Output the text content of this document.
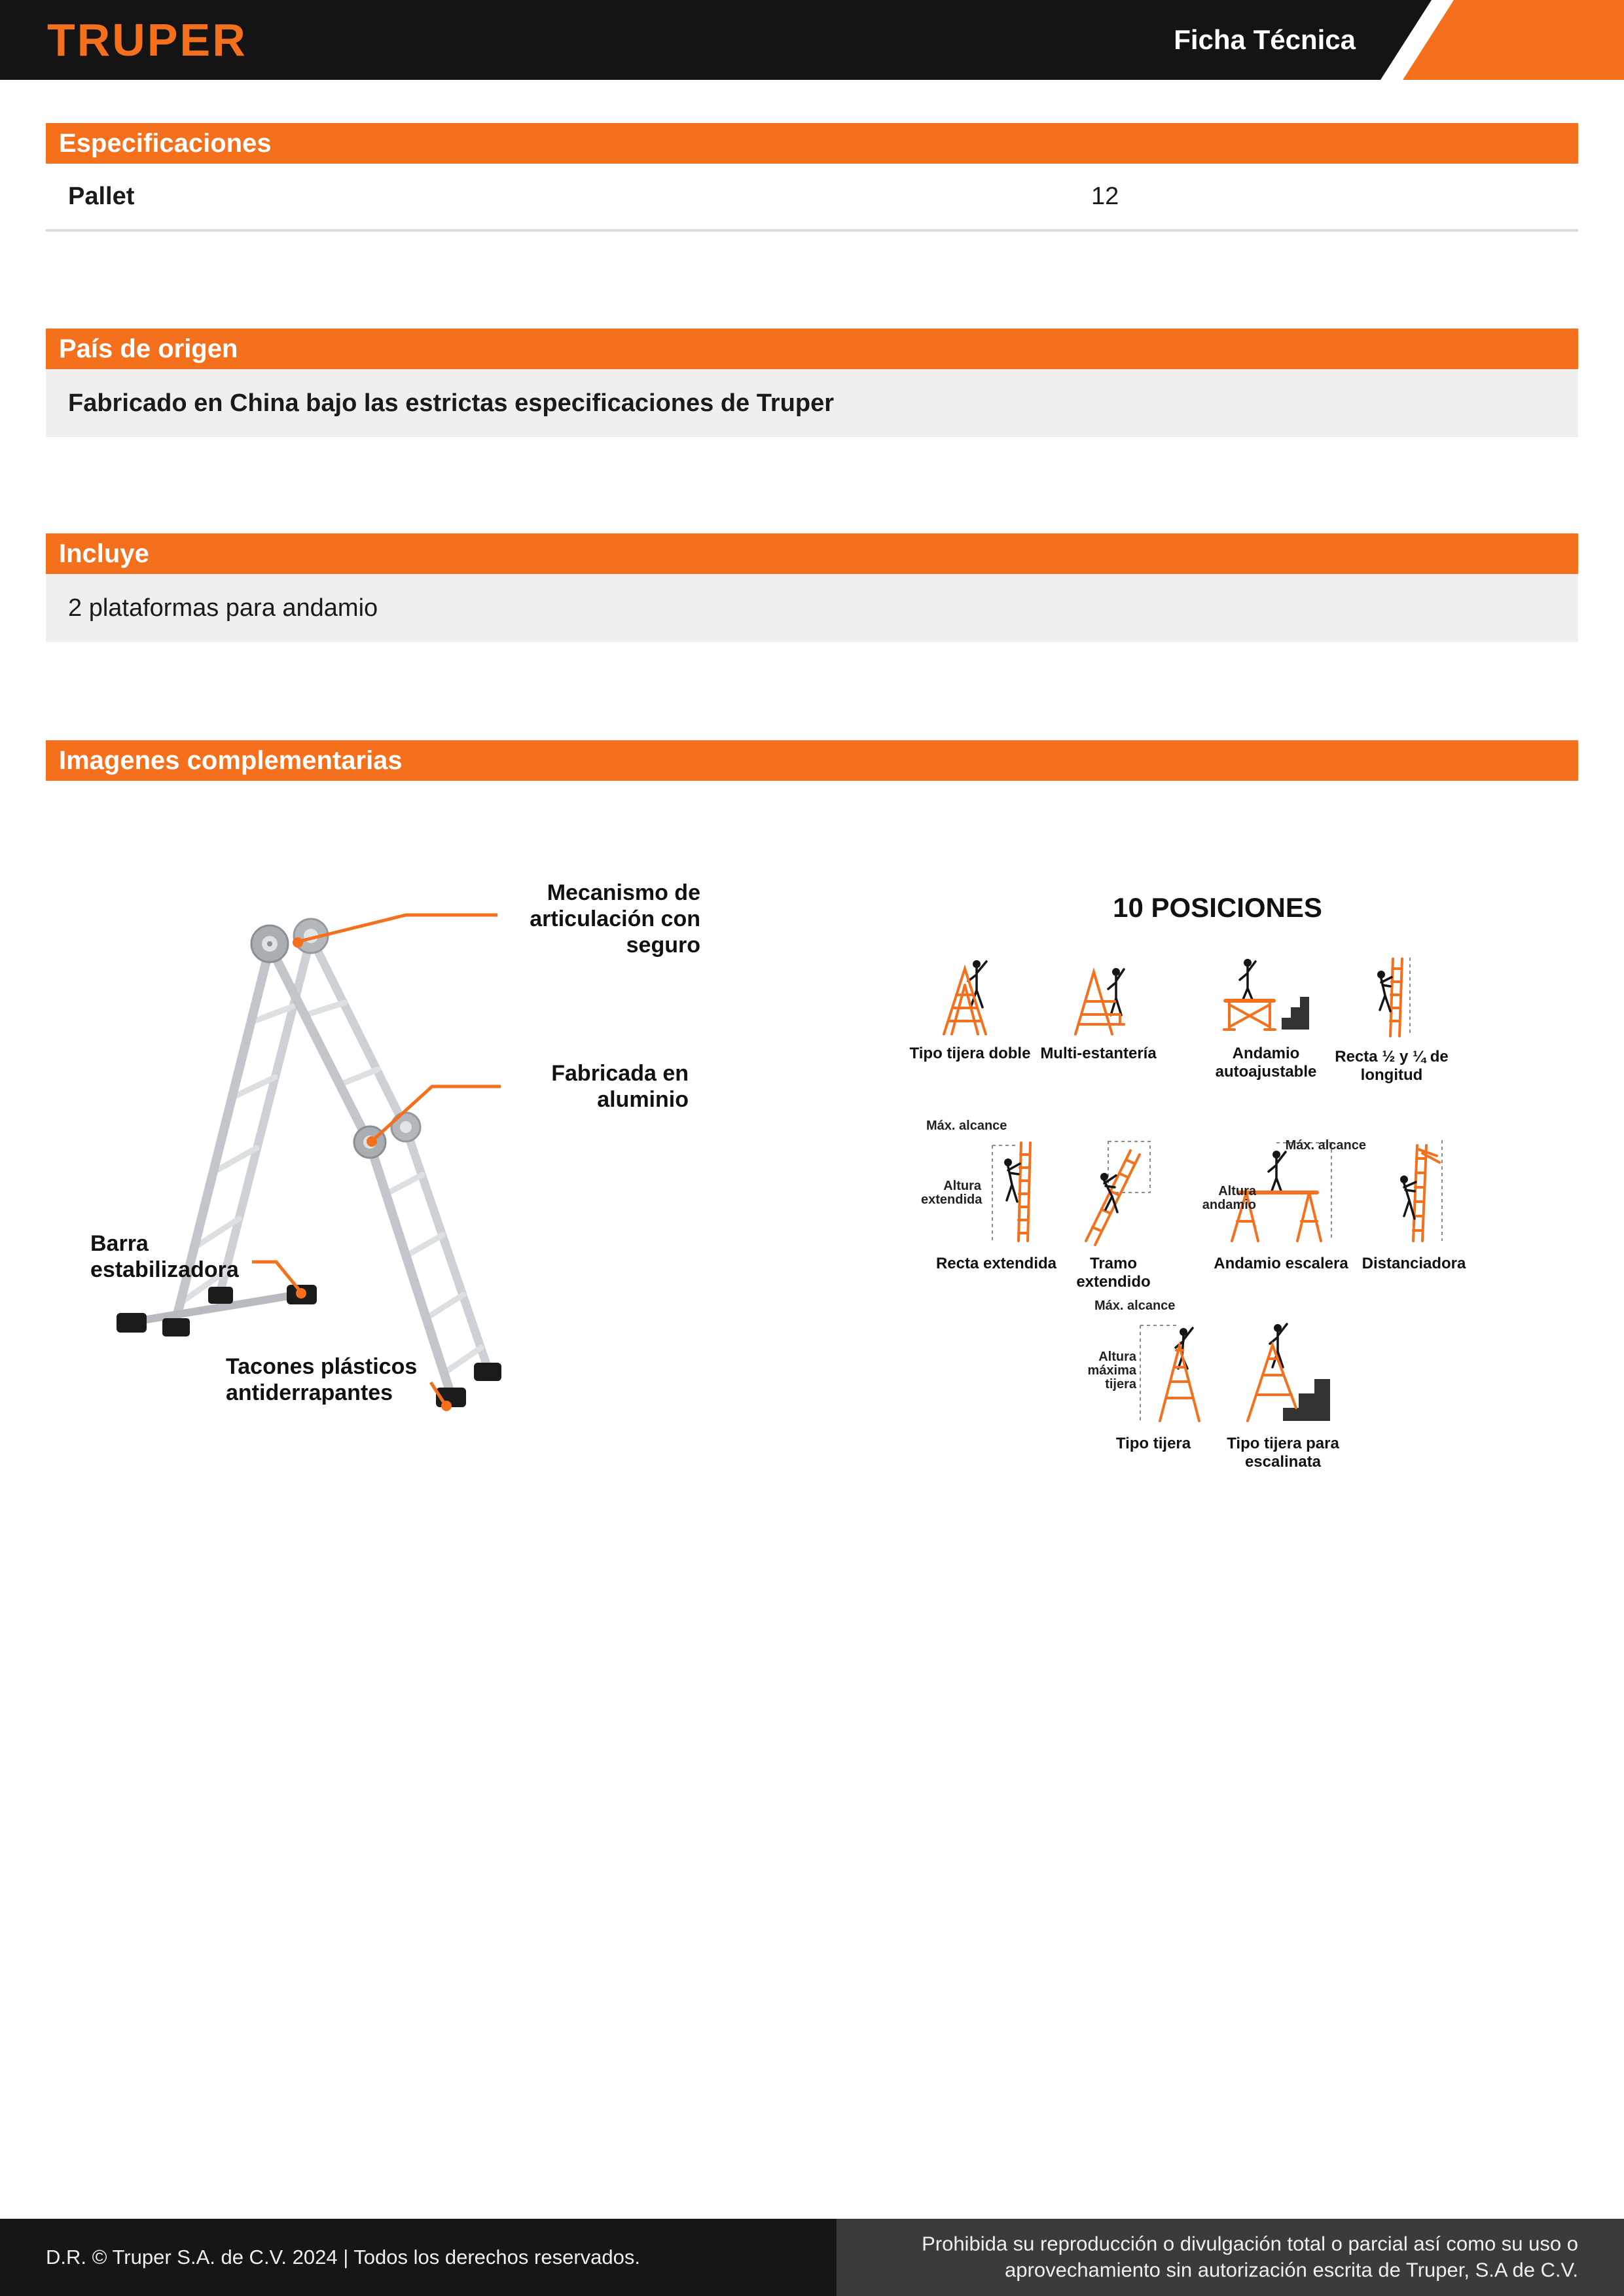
TRUPER	Ficha Técnica
Especificaciones
Pallet	12
País de origen
Fabricado en China bajo las estrictas especificaciones de Truper
Incluye
2 plataformas para andamio
Imagenes complementarias
Mecanismo de articulación con seguro
Fabricada en aluminio
Barra estabilizadora
Tacones plásticos antiderrapantes
10 POSICIONES
Tipo tijera doble Multi-estantería	Andamio autoajustable
Recta ½ y ¼ de longitud
Máx. alcance
Altura extendida
Recta extendida	Tramo extendido
Altura andamio
Máx. alcance
Andamio escalera Distanciadora
Máx. alcance
Altura máxima tijera
Tipo tijera	Tipo tijera para escalinata
D.R. © Truper S.A. de C.V. 2024 | Todos los derechos reservados.
Prohibida su reproducción o divulgación total o parcial así como su uso o
aprovechamiento sin autorización escrita de Truper, S.A de C.V.
